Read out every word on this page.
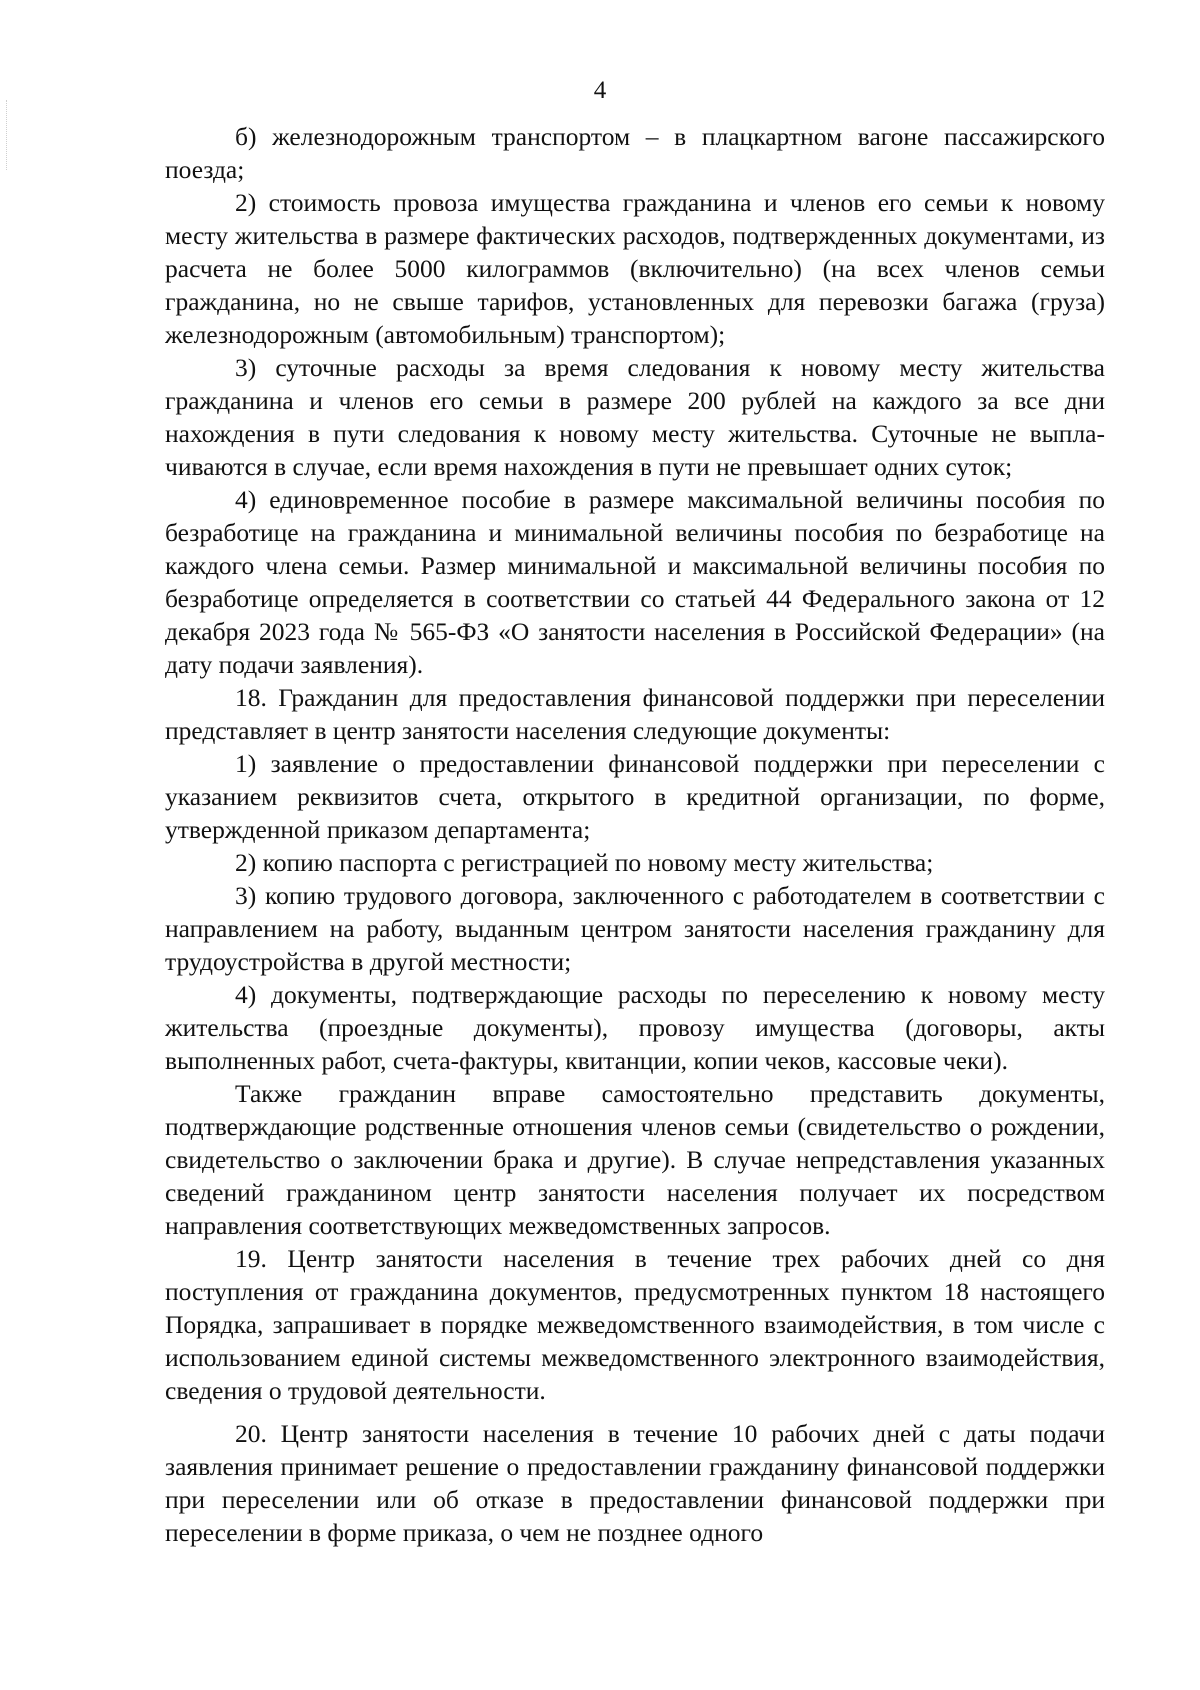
4

б) железнодорожным транспортом – в плацкартном вагоне пассажирского поезда;

2) стоимость провоза имущества гражданина и членов его семьи к новому месту жительства в размере фактических расходов, подтвержденных документами, из расчета не более 5000 килограммов (включительно) (на всех членов семьи гражданина, но не свыше тарифов, установленных для перевозки багажа (груза) железнодорожным (автомобильным) транспортом);

3) суточные расходы за время следования к новому месту жительства гражданина и членов его семьи в размере 200 рублей на каждого за все дни нахождения в пути следования к новому месту жительства. Суточные не выплачиваются в случае, если время нахождения в пути не превышает одних суток;

4) единовременное пособие в размере максимальной величины пособия по безработице на гражданина и минимальной величины пособия по безработице на каждого члена семьи. Размер минимальной и максимальной величины пособия по безработице определяется в соответствии со статьей 44 Федерального закона от 12 декабря 2023 года № 565-ФЗ «О занятости населения в Российской Федерации» (на дату подачи заявления).

18. Гражданин для предоставления финансовой поддержки при переселении представляет в центр занятости населения следующие документы:

1) заявление о предоставлении финансовой поддержки при переселении с указанием реквизитов счета, открытого в кредитной организации, по форме, утвержденной приказом департамента;

2) копию паспорта с регистрацией по новому месту жительства;

3) копию трудового договора, заключенного с работодателем в соответствии с направлением на работу, выданным центром занятости населения гражданину для трудоустройства в другой местности;

4) документы, подтверждающие расходы по переселению к новому месту жительства (проездные документы), провозу имущества (договоры, акты выполненных работ, счета-фактуры, квитанции, копии чеков, кассовые чеки).

Также гражданин вправе самостоятельно представить документы, подтверждающие родственные отношения членов семьи (свидетельство о рождении, свидетельство о заключении брака и другие). В случае непредставления указанных сведений гражданином центр занятости населения получает их посредством направления соответствующих межведомственных запросов.

19. Центр занятости населения в течение трех рабочих дней со дня поступления от гражданина документов, предусмотренных пунктом 18 настоящего Порядка, запрашивает в порядке межведомственного взаимодействия, в том числе с использованием единой системы межведомственного электронного взаимодействия, сведения о трудовой деятельности.

20. Центр занятости населения в течение 10 рабочих дней с даты подачи заявления принимает решение о предоставлении гражданину финансовой поддержки при переселении или об отказе в предоставлении финансовой поддержки при переселении в форме приказа, о чем не позднее одного
